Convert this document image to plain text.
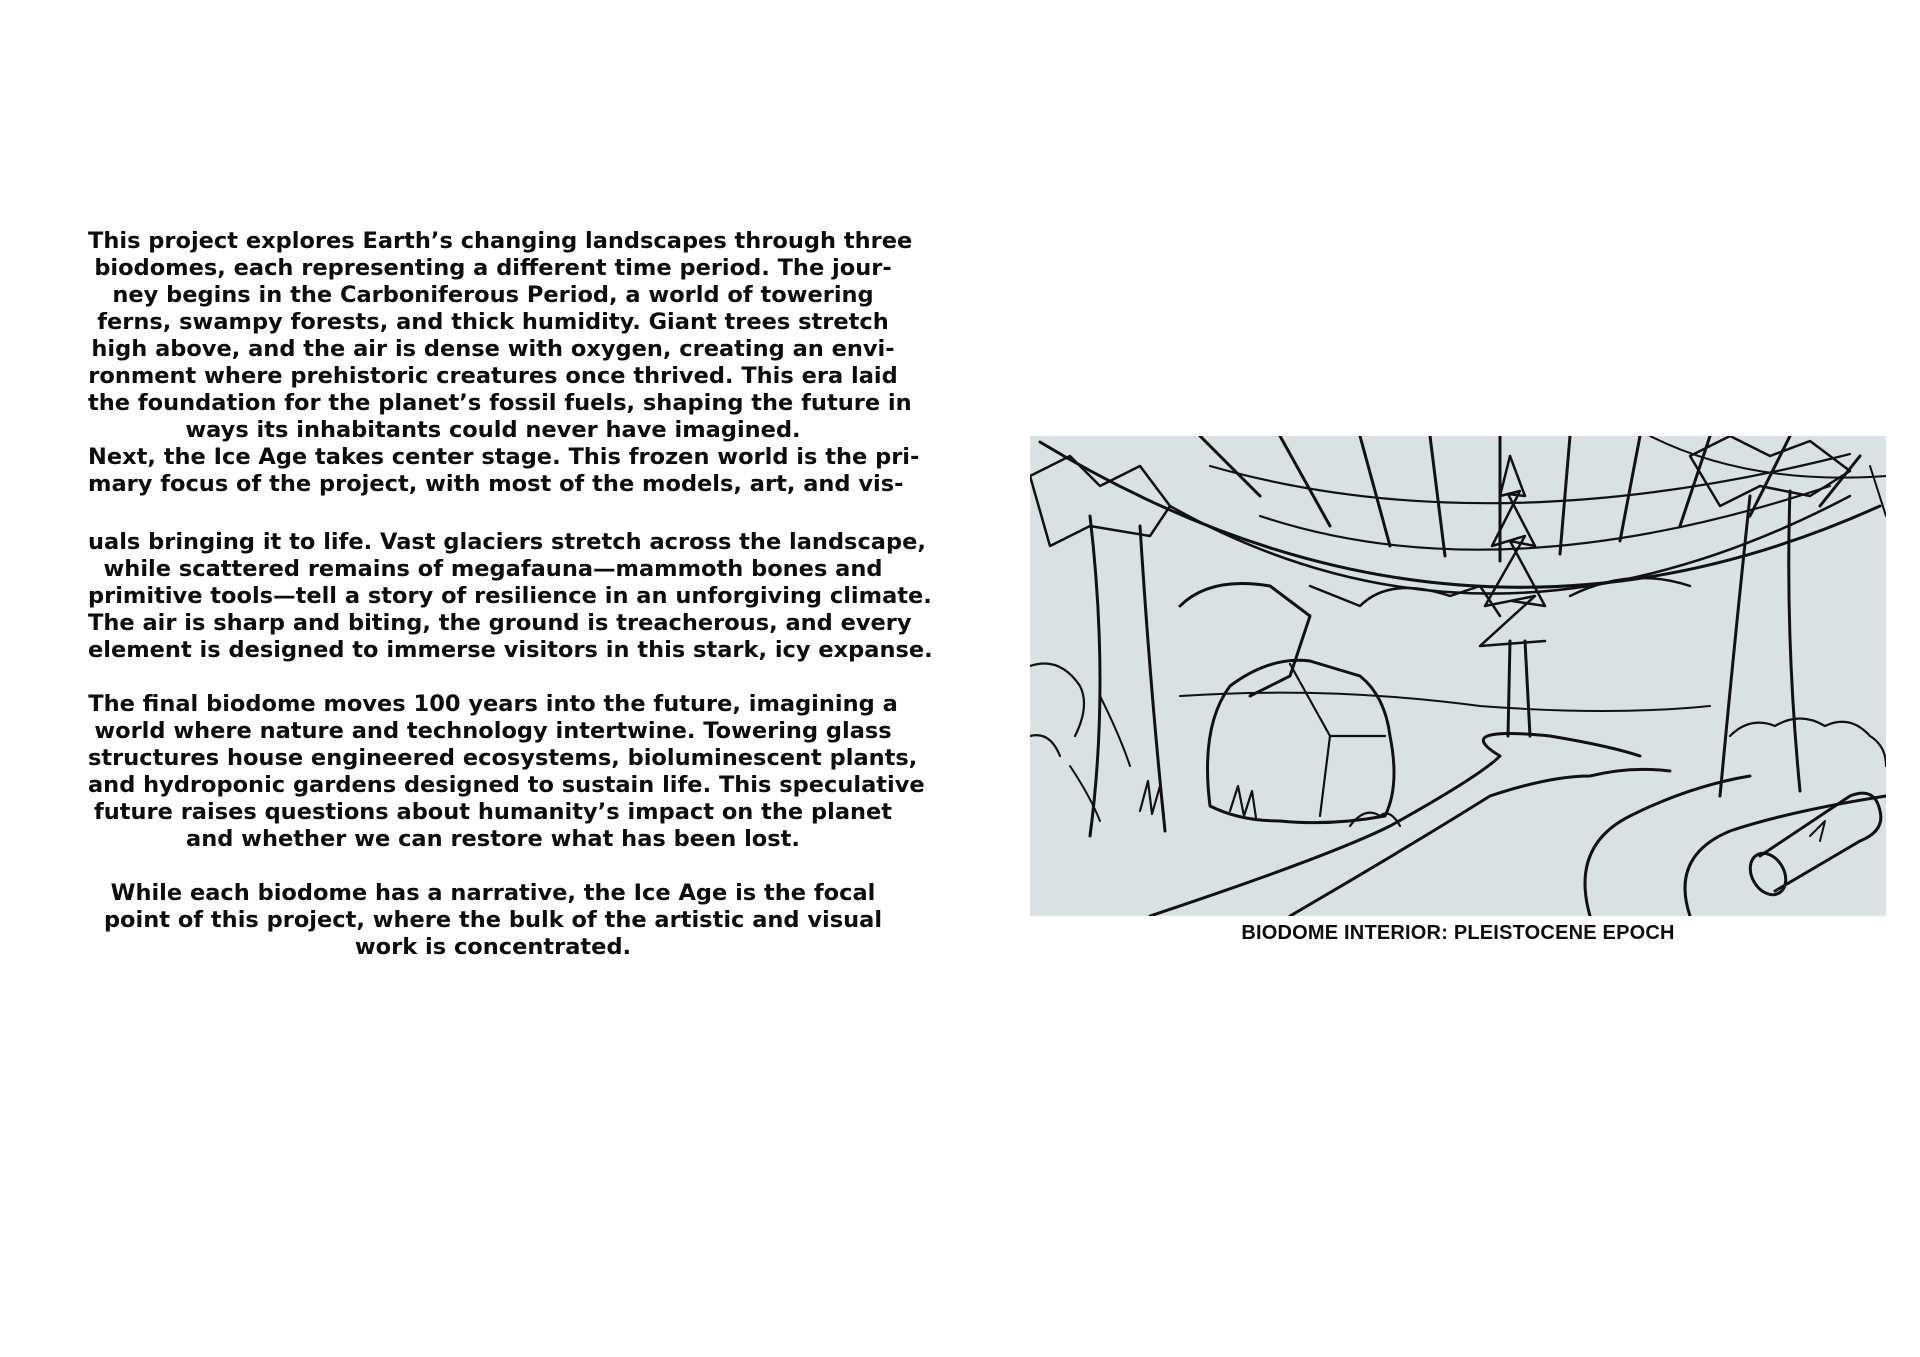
This project explores Earth’s changing landscapes through three
biodomes, each representing a different time period. The jour-
ney begins in the Carboniferous Period, a world of towering
ferns, swampy forests, and thick humidity. Giant trees stretch
high above, and the air is dense with oxygen, creating an envi-
ronment where prehistoric creatures once thrived. This era laid
the foundation for the planet’s fossil fuels, shaping the future in
ways its inhabitants could never have imagined.
Next, the Ice Age takes center stage. This frozen world is the pri-
mary focus of the project, with most of the models, art, and vis-
uals bringing it to life. Vast glaciers stretch across the landscape,
while scattered remains of megafauna—mammoth bones and
primitive tools—tell a story of resilience in an unforgiving climate.
The air is sharp and biting, the ground is treacherous, and every
element is designed to immerse visitors in this stark, icy expanse.
The final biodome moves 100 years into the future, imagining a
world where nature and technology intertwine. Towering glass
structures house engineered ecosystems, bioluminescent plants,
and hydroponic gardens designed to sustain life. This speculative
future raises questions about humanity’s impact on the planet
and whether we can restore what has been lost.
While each biodome has a narrative, the Ice Age is the focal
point of this project, where the bulk of the artistic and visual
work is concentrated.
BIODOME INTERIOR: PLEISTOCENE EPOCH
